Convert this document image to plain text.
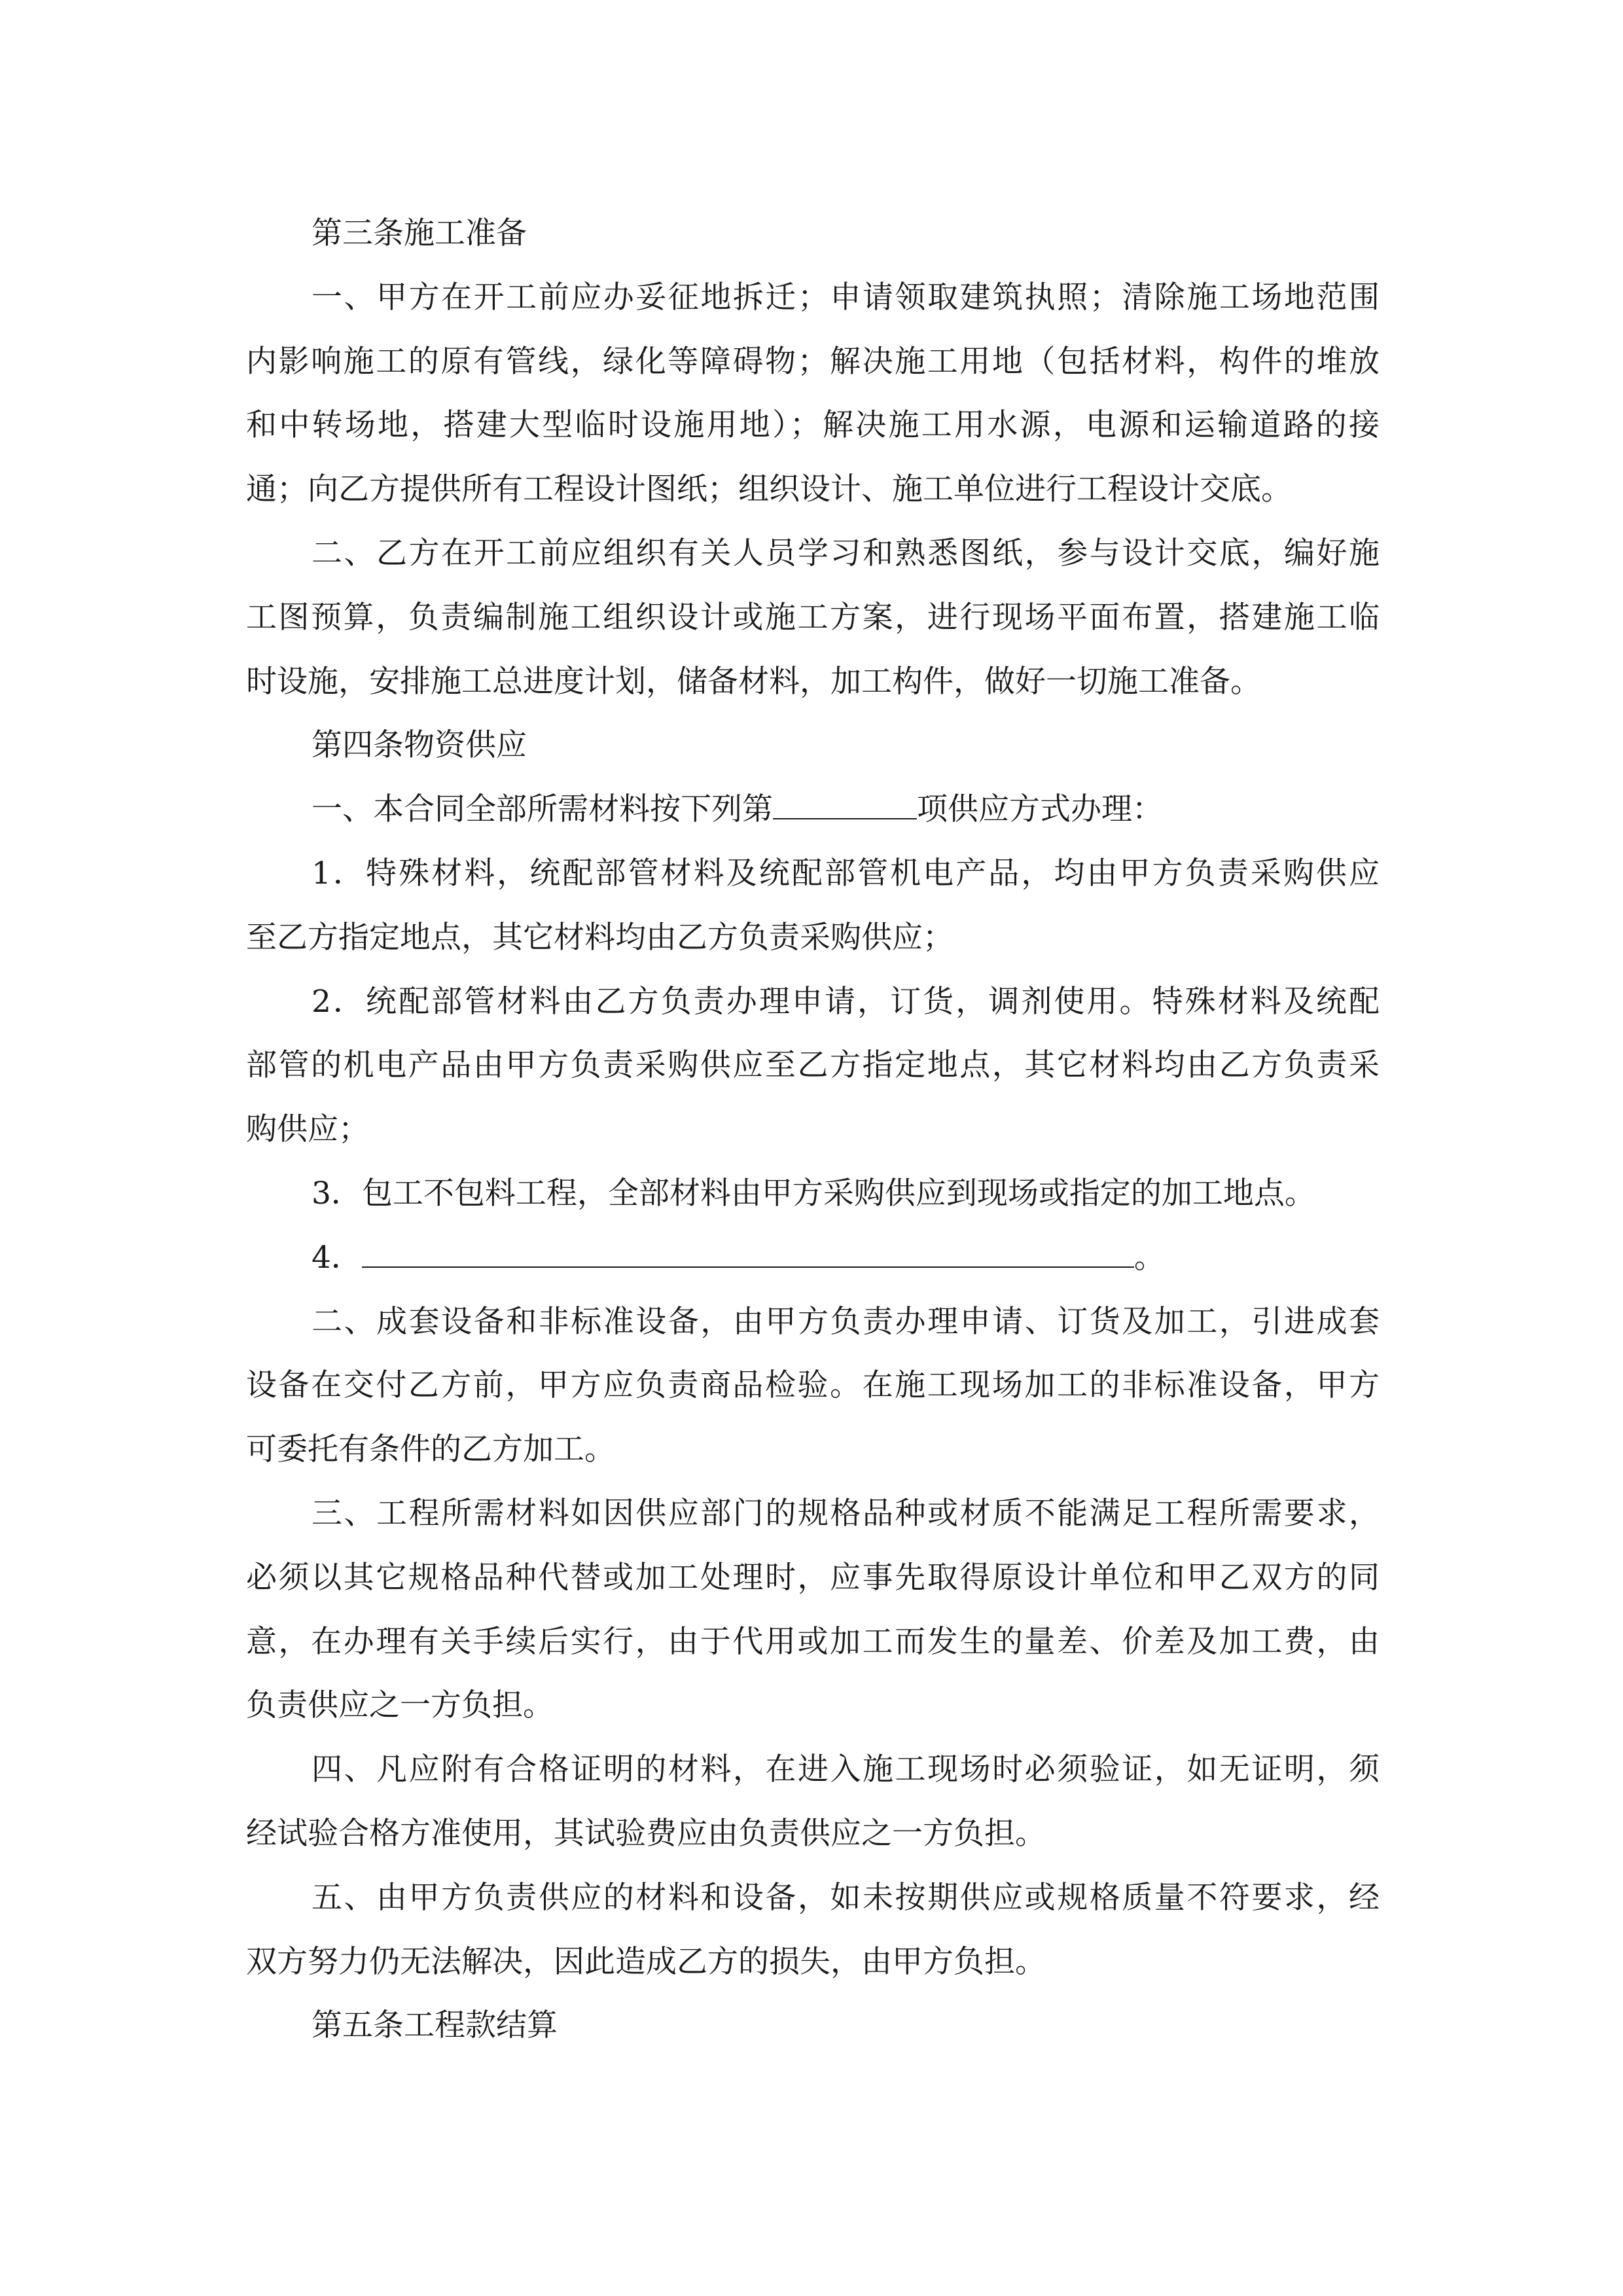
第三条施工准备
一、甲方在开工前应办妥征地拆迁；申请领取建筑执照；清除施工场地范围
内影响施工的原有管线，绿化等障碍物；解决施工用地（包括材料，构件的堆放
和中转场地，搭建大型临时设施用地）；解决施工用水源，电源和运输道路的接
通；向乙方提供所有工程设计图纸；组织设计、施工单位进行工程设计交底。
二、乙方在开工前应组织有关人员学习和熟悉图纸，参与设计交底，编好施
工图预算，负责编制施工组织设计或施工方案，进行现场平面布置，搭建施工临
时设施，安排施工总进度计划，储备材料，加工构件，做好一切施工准备。
第四条物资供应
一、本合同全部所需材料按下列第	项供应方式办理：
1．特殊材料，统配部管材料及统配部管机电产品，均由甲方负责采购供应
至乙方指定地点，其它材料均由乙方负责采购供应；
2．统配部管材料由乙方负责办理申请，订货，调剂使用。特殊材料及统配
部管的机电产品由甲方负责采购供应至乙方指定地点，其它材料均由乙方负责采
购供应；
3．包工不包料工程，全部材料由甲方采购供应到现场或指定的加工地点。
4．	。
二、成套设备和非标准设备，由甲方负责办理申请、订货及加工，引进成套
设备在交付乙方前，甲方应负责商品检验。在施工现场加工的非标准设备，甲方
可委托有条件的乙方加工。
三、工程所需材料如因供应部门的规格品种或材质不能满足工程所需要求，
必须以其它规格品种代替或加工处理时，应事先取得原设计单位和甲乙双方的同
意，在办理有关手续后实行，由于代用或加工而发生的量差、价差及加工费，由
负责供应之一方负担。
四、凡应附有合格证明的材料，在进入施工现场时必须验证，如无证明，须
经试验合格方准使用，其试验费应由负责供应之一方负担。
五、由甲方负责供应的材料和设备，如未按期供应或规格质量不符要求，经
双方努力仍无法解决，因此造成乙方的损失，由甲方负担。
第五条工程款结算
